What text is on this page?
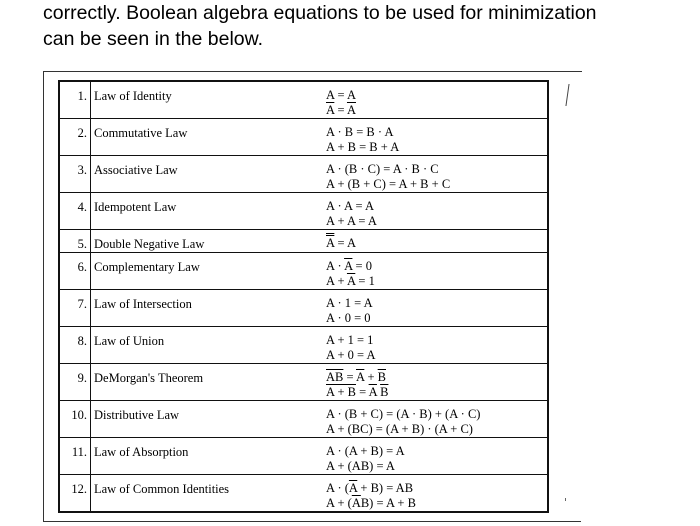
correctly. Boolean algebra equations to be used for minimization
can be seen in the below.
1.	Law of Identity	A = A
$\overline{A} = \overline{A}$

2.	Commutative Law	A · B = B · A
A + B = B + A

3.	Associative Law	A · (B · C) = A · B · C
A + (B + C) = A + B + C

4.	Idempotent Law	A · A = A
A + A = A

5.	Double Negative Law	A = A

6.	Complementary Law	$A \cdot \overline{A} = 0$
$A + \overline{A} = 1$

7.	Law of Intersection	A · 1 = A
A · 0 = 0

8.	Law of Union	A + 1 = 1
A + 0 = A

9.	DeMorgan's Theorem	$\overline{AB} = \overline{A} + \overline{B}$
$A + B = \overline{A}$ $\overline{B}$

10.	Distributive Law	A · (B + C) = (A · B) + (A · C)
A + (BC) = (A + B) · (A + C)

11.	Law of Absorption	A · (A + B) = A
A + (AB) = A

12.	Law of Common Identities	$A \cdot (\overline{A} + B)$ = AB
$A + (\overline{A}B) = A + B$
